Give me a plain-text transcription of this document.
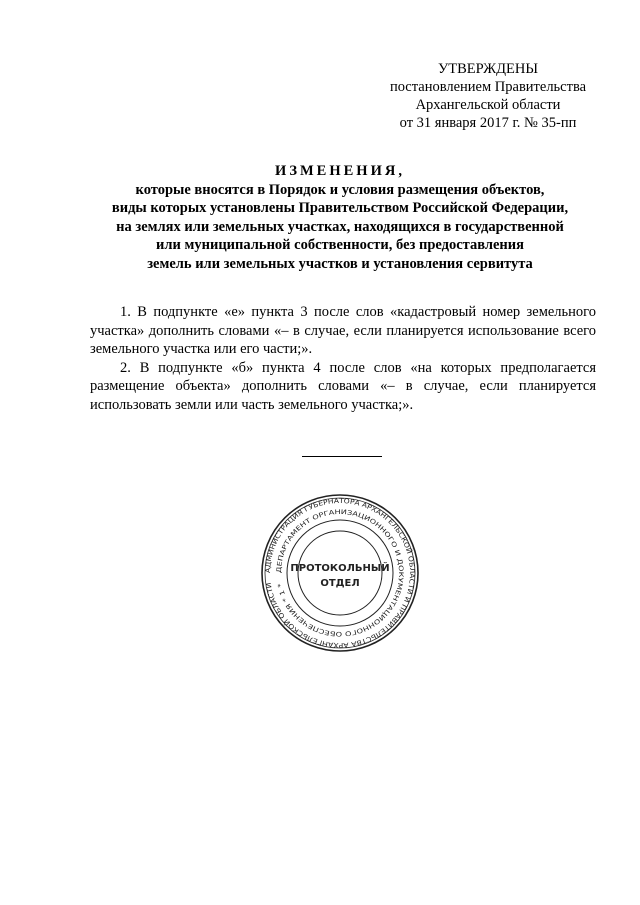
УТВЕРЖДЕНЫ
постановлением Правительства
Архангельской области
от 31 января 2017 г. № 35-пп
ИЗМЕНЕНИЯ,
которые вносятся в Порядок и условия размещения объектов,
виды которых установлены Правительством Российской Федерации,
на землях или земельных участках, находящихся в государственной
или муниципальной собственности, без предоставления
земель или земельных участков и установления сервитута

1. В подпункте «е» пункта 3 после слов «кадастровый номер земельного участка» дополнить словами «– в случае, если планируется использование всего земельного участка или его части;».

2. В подпункте «б» пункта 4 после слов «на которых предполагается размещение объекта» дополнить словами «– в случае, если планируется использовать земли или часть земельного участка;».

АДМИНИСТРАЦИЯ ГУБЕРНАТОРА АРХАНГЕЛЬСКОЙ ОБЛАСТИ И ПРАВИТЕЛЬСТВА АРХАНГЕЛЬСКОЙ ОБЛАСТИ
ДЕПАРТАМЕНТ ОРГАНИЗАЦИОННОГО И ДОКУМЕНТАЦИОННОГО ОБЕСПЕЧЕНИЯ * 1 *
ПРОТОКОЛЬНЫЙ
ОТДЕЛ
